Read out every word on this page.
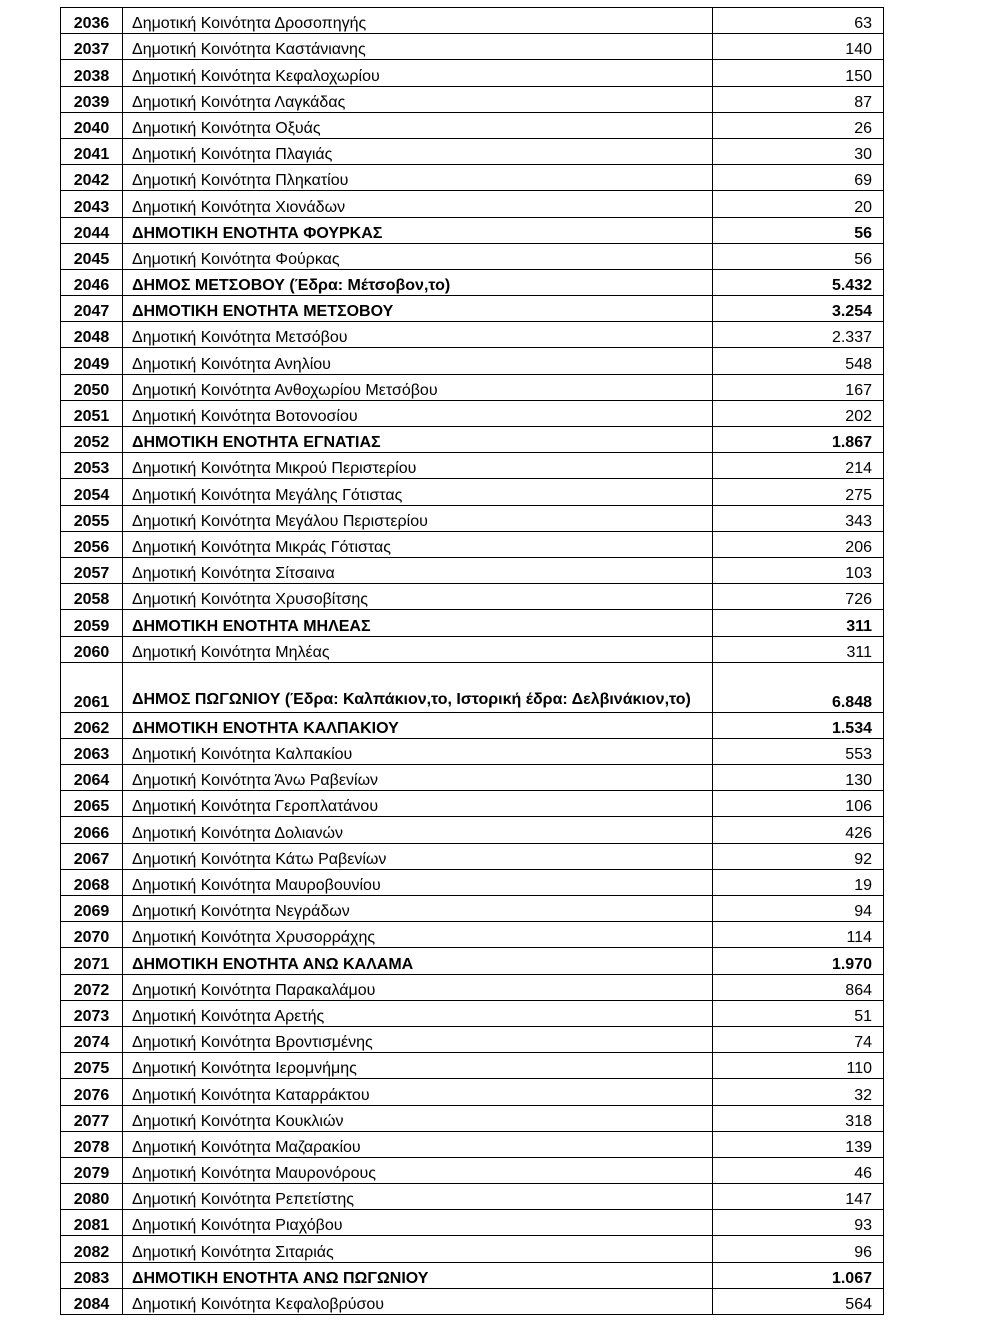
2036	Δημοτική Κοινότητα Δροσοπηγής	63
2037	Δημοτική Κοινότητα Καστάνιανης	140
2038	Δημοτική Κοινότητα Κεφαλοχωρίου	150
2039	Δημοτική Κοινότητα Λαγκάδας	87
2040	Δημοτική Κοινότητα Οξυάς	26
2041	Δημοτική Κοινότητα Πλαγιάς	30
2042	Δημοτική Κοινότητα Πληκατίου	69
2043	Δημοτική Κοινότητα Χιονάδων	20
2044	ΔΗΜΟΤΙΚΗ ΕΝΟΤΗΤΑ ΦΟΥΡΚΑΣ	56
2045	Δημοτική Κοινότητα Φούρκας	56
2046	ΔΗΜΟΣ ΜΕΤΣΟΒΟΥ (Έδρα: Μέτσοβον,το)	5.432
2047	ΔΗΜΟΤΙΚΗ ΕΝΟΤΗΤΑ ΜΕΤΣΟΒΟΥ	3.254
2048	Δημοτική Κοινότητα Μετσόβου	2.337
2049	Δημοτική Κοινότητα Ανηλίου	548
2050	Δημοτική Κοινότητα Ανθοχωρίου Μετσόβου	167
2051	Δημοτική Κοινότητα Βοτονοσίου	202
2052	ΔΗΜΟΤΙΚΗ ΕΝΟΤΗΤΑ ΕΓΝΑΤΙΑΣ	1.867
2053	Δημοτική Κοινότητα Μικρού Περιστερίου	214
2054	Δημοτική Κοινότητα Μεγάλης Γότιστας	275
2055	Δημοτική Κοινότητα Μεγάλου Περιστερίου	343
2056	Δημοτική Κοινότητα Μικράς Γότιστας	206
2057	Δημοτική Κοινότητα Σίτσαινα	103
2058	Δημοτική Κοινότητα Χρυσοβίτσης	726
2059	ΔΗΜΟΤΙΚΗ ΕΝΟΤΗΤΑ ΜΗΛΕΑΣ	311
2060	Δημοτική Κοινότητα Μηλέας	311
2061	ΔΗΜΟΣ ΠΩΓΩΝΙΟΥ (Έδρα: Καλπάκιον,το, Ιστορική έδρα: Δελβινάκιον,το)	6.848
2062	ΔΗΜΟΤΙΚΗ ΕΝΟΤΗΤΑ ΚΑΛΠΑΚΙΟΥ	1.534
2063	Δημοτική Κοινότητα Καλπακίου	553
2064	Δημοτική Κοινότητα Άνω Ραβενίων	130
2065	Δημοτική Κοινότητα Γεροπλατάνου	106
2066	Δημοτική Κοινότητα Δολιανών	426
2067	Δημοτική Κοινότητα Κάτω Ραβενίων	92
2068	Δημοτική Κοινότητα Μαυροβουνίου	19
2069	Δημοτική Κοινότητα Νεγράδων	94
2070	Δημοτική Κοινότητα Χρυσορράχης	114
2071	ΔΗΜΟΤΙΚΗ ΕΝΟΤΗΤΑ ΑΝΩ ΚΑΛΑΜΑ	1.970
2072	Δημοτική Κοινότητα Παρακαλάμου	864
2073	Δημοτική Κοινότητα Αρετής	51
2074	Δημοτική Κοινότητα Βροντισμένης	74
2075	Δημοτική Κοινότητα Ιερομνήμης	110
2076	Δημοτική Κοινότητα Καταρράκτου	32
2077	Δημοτική Κοινότητα Κουκλιών	318
2078	Δημοτική Κοινότητα Μαζαρακίου	139
2079	Δημοτική Κοινότητα Μαυρονόρους	46
2080	Δημοτική Κοινότητα Ρεπετίστης	147
2081	Δημοτική Κοινότητα Ριαχόβου	93
2082	Δημοτική Κοινότητα Σιταριάς	96
2083	ΔΗΜΟΤΙΚΗ ΕΝΟΤΗΤΑ ΑΝΩ ΠΩΓΩΝΙΟΥ	1.067
2084	Δημοτική Κοινότητα Κεφαλοβρύσου	564
